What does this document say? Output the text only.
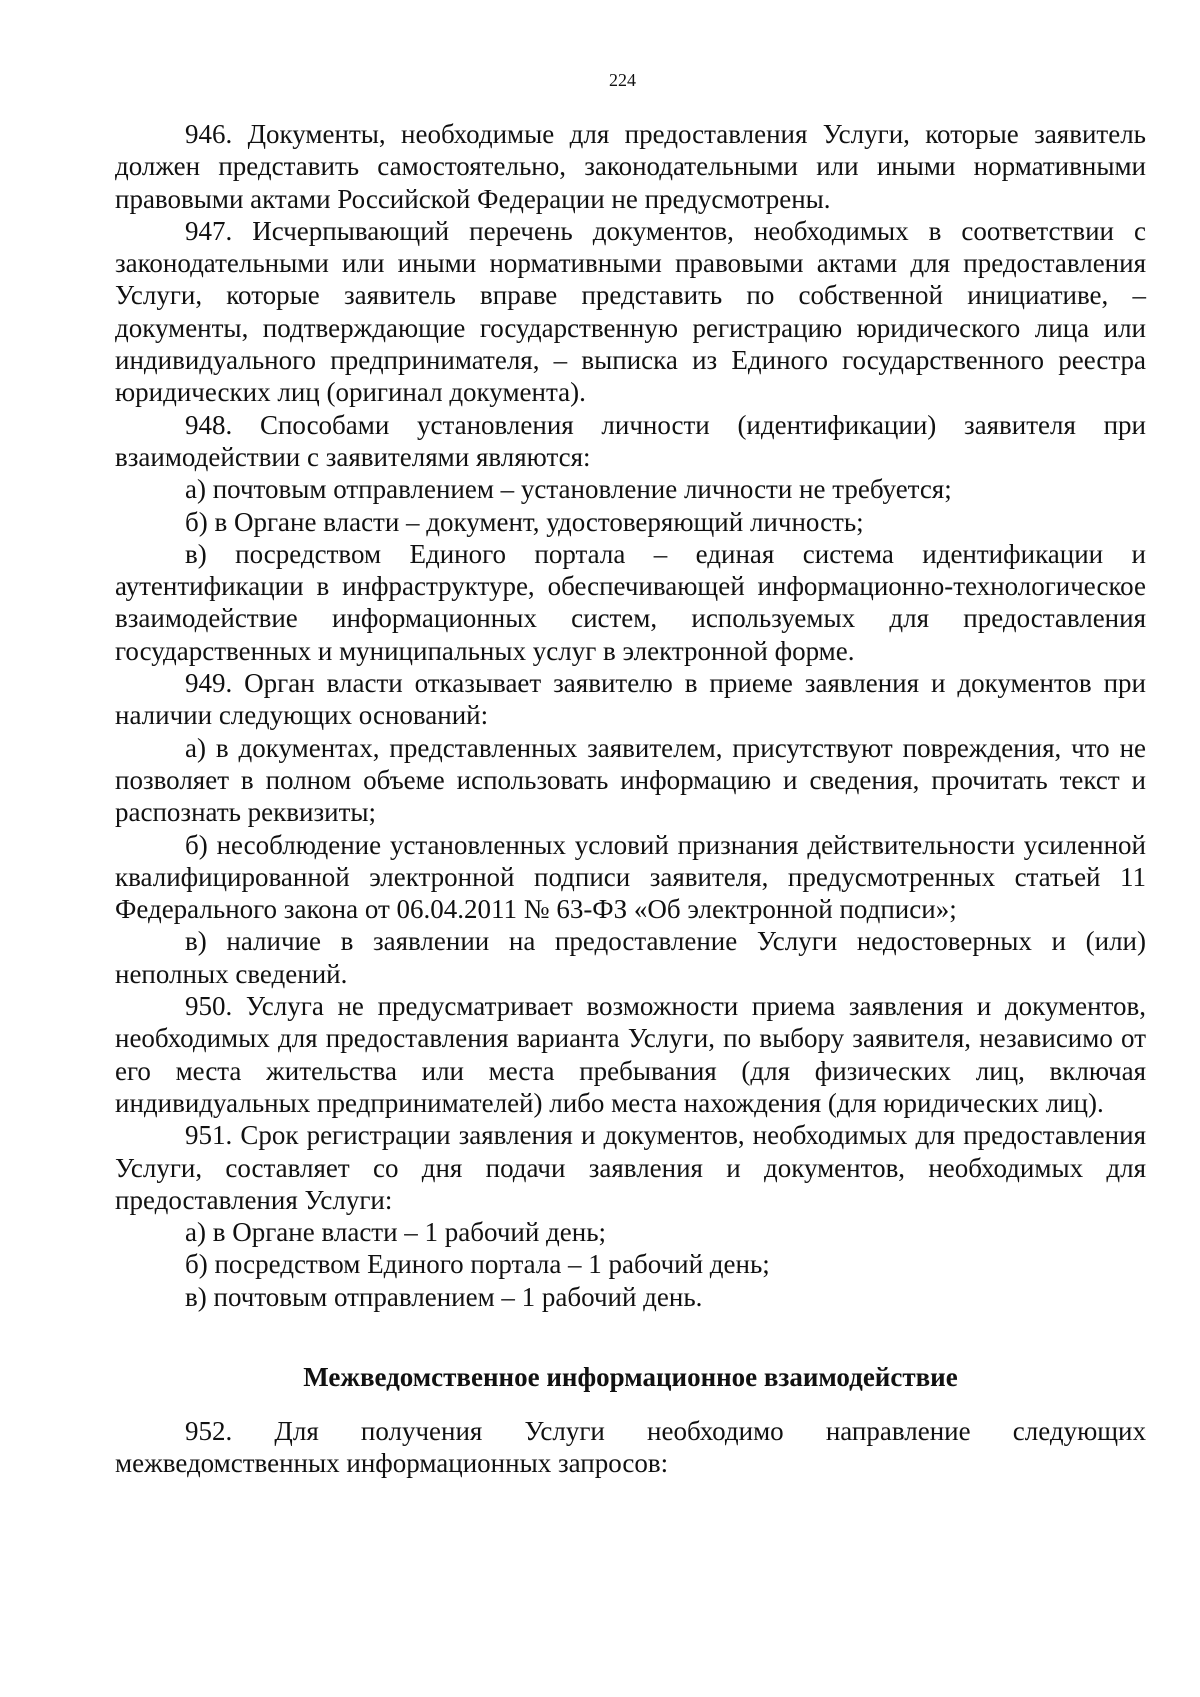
224

946. Документы, необходимые для предоставления Услуги, которые заявитель должен представить самостоятельно, законодательными или иными нормативными правовыми актами Российской Федерации не предусмотрены.

947. Исчерпывающий перечень документов, необходимых в соответствии с законодательными или иными нормативными правовыми актами для предоставления Услуги, которые заявитель вправе представить по собственной инициативе, – документы, подтверждающие государственную регистрацию юридического лица или индивидуального предпринимателя, – выписка из Единого государственного реестра юридических лиц (оригинал документа).

948. Способами установления личности (идентификации) заявителя при взаимодействии с заявителями являются:

а) почтовым отправлением – установление личности не требуется;

б) в Органе власти – документ, удостоверяющий личность;

в) посредством Единого портала – единая система идентификации и аутентификации в инфраструктуре, обеспечивающей информационно-технологическое взаимодействие информационных систем, используемых для предоставления государственных и муниципальных услуг в электронной форме.

949. Орган власти отказывает заявителю в приеме заявления и документов при наличии следующих оснований:

а) в документах, представленных заявителем, присутствуют повреждения, что не позволяет в полном объеме использовать информацию и сведения, прочитать текст и распознать реквизиты;

б) несоблюдение установленных условий признания действительности усиленной квалифицированной электронной подписи заявителя, предусмотренных статьей 11 Федерального закона от 06.04.2011 № 63-ФЗ «Об электронной подписи»;

в) наличие в заявлении на предоставление Услуги недостоверных и (или) неполных сведений.

950. Услуга не предусматривает возможности приема заявления и документов, необходимых для предоставления варианта Услуги, по выбору заявителя, независимо от его места жительства или места пребывания (для физических лиц, включая индивидуальных предпринимателей) либо места нахождения (для юридических лиц).

951. Срок регистрации заявления и документов, необходимых для предоставления Услуги, составляет со дня подачи заявления и документов, необходимых для предоставления Услуги:

а) в Органе власти – 1 рабочий день;

б) посредством Единого портала – 1 рабочий день;

в) почтовым отправлением – 1 рабочий день.

Межведомственное информационное взаимодействие

952. Для получения Услуги необходимо направление следующих межведомственных информационных запросов:
